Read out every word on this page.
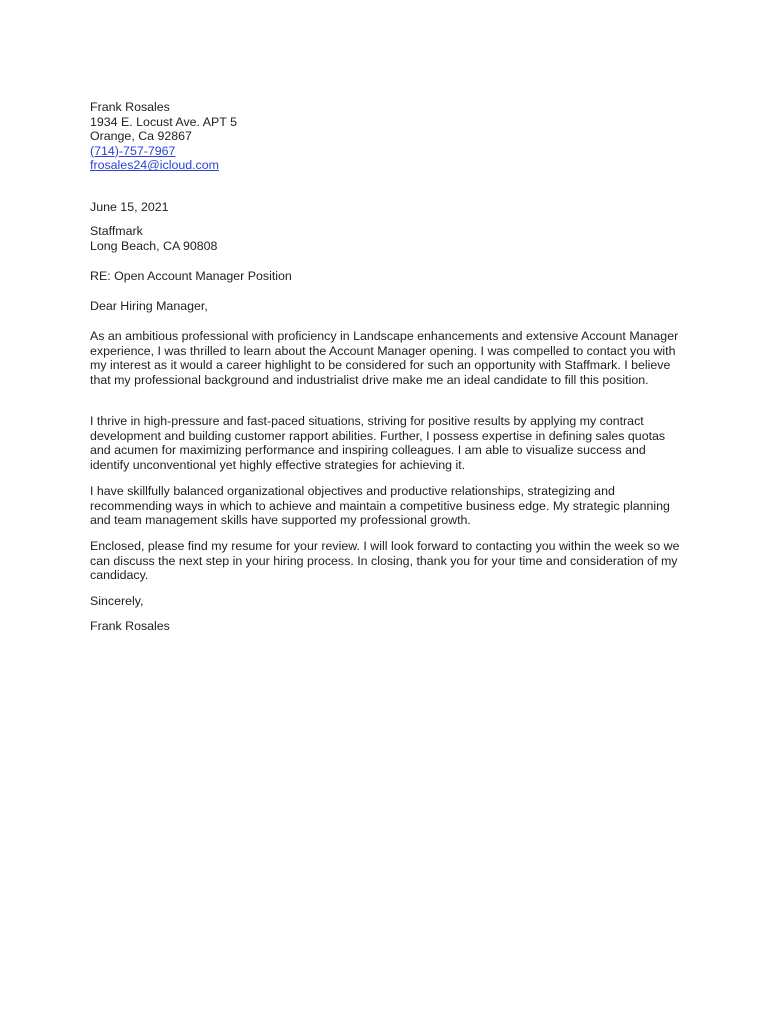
Frank Rosales
1934 E. Locust Ave. APT 5
Orange, Ca 92867
(714)-757-7967
frosales24@icloud.com
June 15, 2021
Staffmark
Long Beach, CA 90808
RE: Open Account Manager Position
Dear Hiring Manager,

As an ambitious professional with proficiency in Landscape enhancements and extensive Account Manager experience, I was thrilled to learn about the Account Manager opening. I was compelled to contact you with my interest as it would a career highlight to be considered for such an opportunity with Staffmark. I believe that my professional background and industrialist drive make me an ideal candidate to fill this position.

I thrive in high-pressure and fast-paced situations, striving for positive results by applying my contract development and building customer rapport abilities. Further, I possess expertise in defining sales quotas and acumen for maximizing performance and inspiring colleagues. I am able to visualize success and identify unconventional yet highly effective strategies for achieving it.

I have skillfully balanced organizational objectives and productive relationships, strategizing and recommending ways in which to achieve and maintain a competitive business edge. My strategic planning and team management skills have supported my professional growth.

Enclosed, please find my resume for your review. I will look forward to contacting you within the week so we can discuss the next step in your hiring process. In closing, thank you for your time and consideration of my candidacy.

Sincerely,
Frank Rosales
